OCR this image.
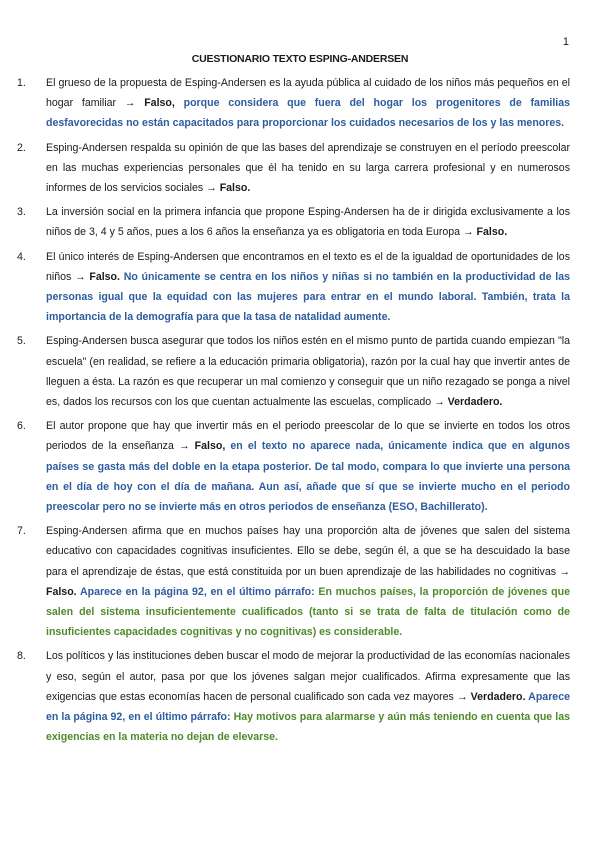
1
CUESTIONARIO TEXTO ESPING-ANDERSEN
1. El grueso de la propuesta de Esping-Andersen es la ayuda pública al cuidado de los niños más pequeños en el hogar familiar → Falso, porque considera que fuera del hogar los progenitores de familias desfavorecidas no están capacitados para proporcionar los cuidados necesarios de los y las menores.
2. Esping-Andersen respalda su opinión de que las bases del aprendizaje se construyen en el período preescolar en las muchas experiencias personales que él ha tenido en su larga carrera profesional y en numerosos informes de los servicios sociales → Falso.
3. La inversión social en la primera infancia que propone Esping-Andersen ha de ir dirigida exclusivamente a los niños de 3, 4 y 5 años, pues a los 6 años la enseñanza ya es obligatoria en toda Europa → Falso.
4. El único interés de Esping-Andersen que encontramos en el texto es el de la igualdad de oportunidades de los niños → Falso. No únicamente se centra en los niños y niñas si no también en la productividad de las personas igual que la equidad con las mujeres para entrar en el mundo laboral. También, trata la importancia de la demografía para que la tasa de natalidad aumente.
5. Esping-Andersen busca asegurar que todos los niños estén en el mismo punto de partida cuando empiezan "la escuela" (en realidad, se refiere a la educación primaria obligatoria), razón por la cual hay que invertir antes de lleguen a ésta. La razón es que recuperar un mal comienzo y conseguir que un niño rezagado se ponga a nivel es, dados los recursos con los que cuentan actualmente las escuelas, complicado → Verdadero.
6. El autor propone que hay que invertir más en el periodo preescolar de lo que se invierte en todos los otros periodos de la enseñanza → Falso, en el texto no aparece nada, únicamente indica que en algunos países se gasta más del doble en la etapa posterior. De tal modo, compara lo que invierte una persona en el día de hoy con el día de mañana. Aun así, añade que sí que se invierte mucho en el periodo preescolar pero no se invierte más en otros periodos de enseñanza (ESO, Bachillerato).
7. Esping-Andersen afirma que en muchos países hay una proporción alta de jóvenes que salen del sistema educativo con capacidades cognitivas insuficientes. Ello se debe, según él, a que se ha descuidado la base para el aprendizaje de éstas, que está constituida por un buen aprendizaje de las habilidades no cognitivas → Falso. Aparece en la página 92, en el último párrafo: En muchos países, la proporción de jóvenes que salen del sistema insuficientemente cualificados (tanto si se trata de falta de titulación como de insuficientes capacidades cognitivas y no cognitivas) es considerable.
8. Los políticos y las instituciones deben buscar el modo de mejorar la productividad de las economías nacionales y eso, según el autor, pasa por que los jóvenes salgan mejor cualificados. Afirma expresamente que las exigencias que estas economías hacen de personal cualificado son cada vez mayores → Verdadero. Aparece en la página 92, en el último párrafo: Hay motivos para alarmarse y aún más teniendo en cuenta que las exigencias en la materia no dejan de elevarse.
